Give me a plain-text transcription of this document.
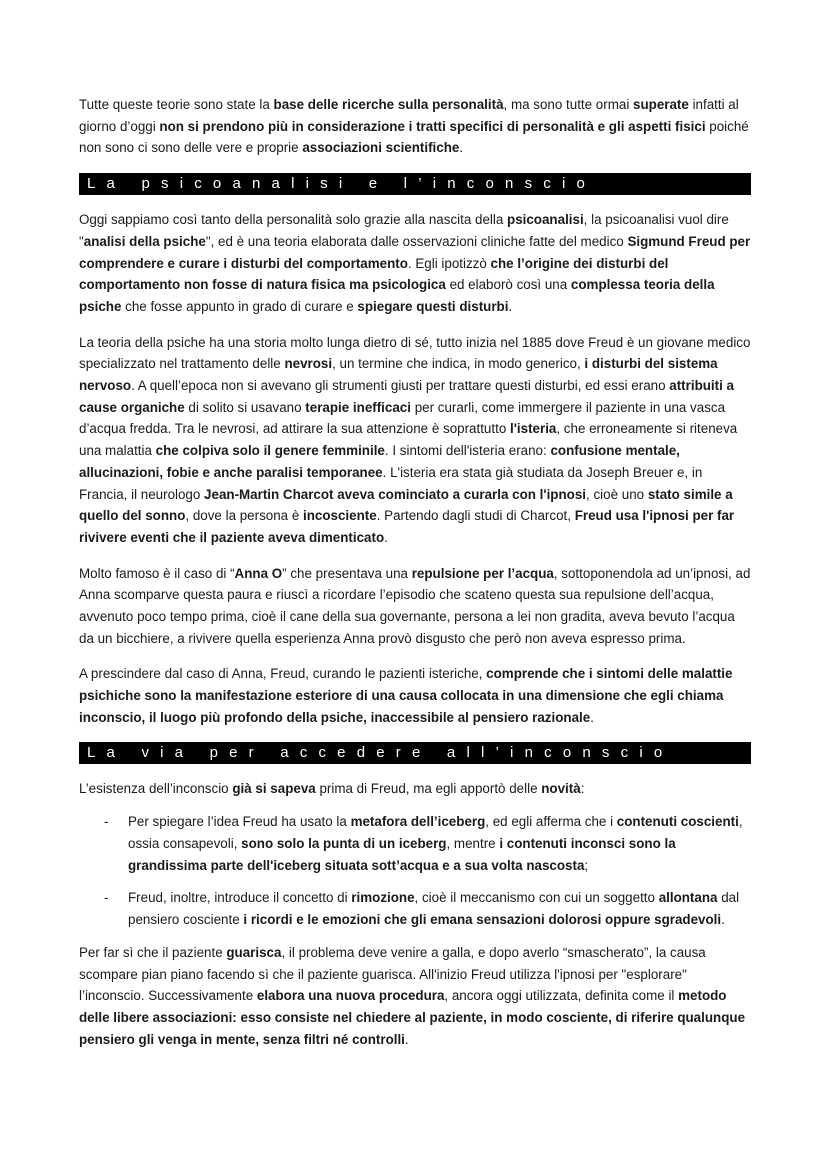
Tutte queste teorie sono state la base delle ricerche sulla personalità, ma sono tutte ormai superate infatti al giorno d’oggi non si prendono più in considerazione i tratti specifici di personalità e gli aspetti fisici poiché non sono ci sono delle vere e proprie associazioni scientifiche.

La psicoanalisi e l’inconscio

Oggi sappiamo così tanto della personalità solo grazie alla nascita della psicoanalisi, la psicoanalisi vuol dire "analisi della psiche", ed è una teoria elaborata dalle osservazioni cliniche fatte del medico Sigmund Freud per comprendere e curare i disturbi del comportamento. Egli ipotizzò che l’origine dei disturbi del comportamento non fosse di natura fisica ma psicologica ed elaborò così una complessa teoria della psiche che fosse appunto in grado di curare e spiegare questi disturbi.

La teoria della psiche ha una storia molto lunga dietro di sé, tutto inizia nel 1885 dove Freud è un giovane medico specializzato nel trattamento delle nevrosi, un termine che indica, in modo generico, i disturbi del sistema nervoso. A quell’epoca non si avevano gli strumenti giusti per trattare questi disturbi, ed essi erano attribuiti a cause organiche di solito si usavano terapie inefficaci per curarli, come immergere il paziente in una vasca d’acqua fredda. Tra le nevrosi, ad attirare la sua attenzione è soprattutto l'isteria, che erroneamente si riteneva una malattia che colpiva solo il genere femminile. I sintomi dell'isteria erano: confusione mentale, allucinazioni, fobie e anche paralisi temporanee. L'isteria era stata già studiata da Joseph Breuer e, in Francia, il neurologo Jean-Martin Charcot aveva cominciato a curarla con l'ipnosi, cioè uno stato simile a quello del sonno, dove la persona è incosciente. Partendo dagli studi di Charcot, Freud usa l'ipnosi per far rivivere eventi che il paziente aveva dimenticato.

Molto famoso è il caso di “Anna O” che presentava una repulsione per l’acqua, sottoponendola ad un’ipnosi, ad Anna scomparve questa paura e riuscì a ricordare l’episodio che scateno questa sua repulsione dell’acqua, avvenuto poco tempo prima, cioè il cane della sua governante, persona a lei non gradita, aveva bevuto l’acqua da un bicchiere, a rivivere quella esperienza Anna provò disgusto che però non aveva espresso prima.

A prescindere dal caso di Anna, Freud, curando le pazienti isteriche, comprende che i sintomi delle malattie psichiche sono la manifestazione esteriore di una causa collocata in una dimensione che egli chiama inconscio, il luogo più profondo della psiche, inaccessibile al pensiero razionale.

La via per accedere all’inconscio

L’esistenza dell’inconscio già si sapeva prima di Freud, ma egli apportò delle novità:

- Per spiegare l’idea Freud ha usato la metafora dell’iceberg, ed egli afferma che i contenuti coscienti, ossia consapevoli, sono solo la punta di un iceberg, mentre i contenuti inconsci sono la grandissima parte dell'iceberg situata sott’acqua e a sua volta nascosta;
- Freud, inoltre, introduce il concetto di rimozione, cioè il meccanismo con cui un soggetto allontana dal pensiero cosciente i ricordi e le emozioni che gli emana sensazioni dolorosi oppure sgradevoli.

Per far sì che il paziente guarisca, il problema deve venire a galla, e dopo averlo “smascherato”, la causa scompare pian piano facendo sì che il paziente guarisca. All'inizio Freud utilizza l'ipnosi per "esplorare" l’inconscio. Successivamente elabora una nuova procedura, ancora oggi utilizzata, definita come il metodo delle libere associazioni: esso consiste nel chiedere al paziente, in modo cosciente, di riferire qualunque pensiero gli venga in mente, senza filtri né controlli.
